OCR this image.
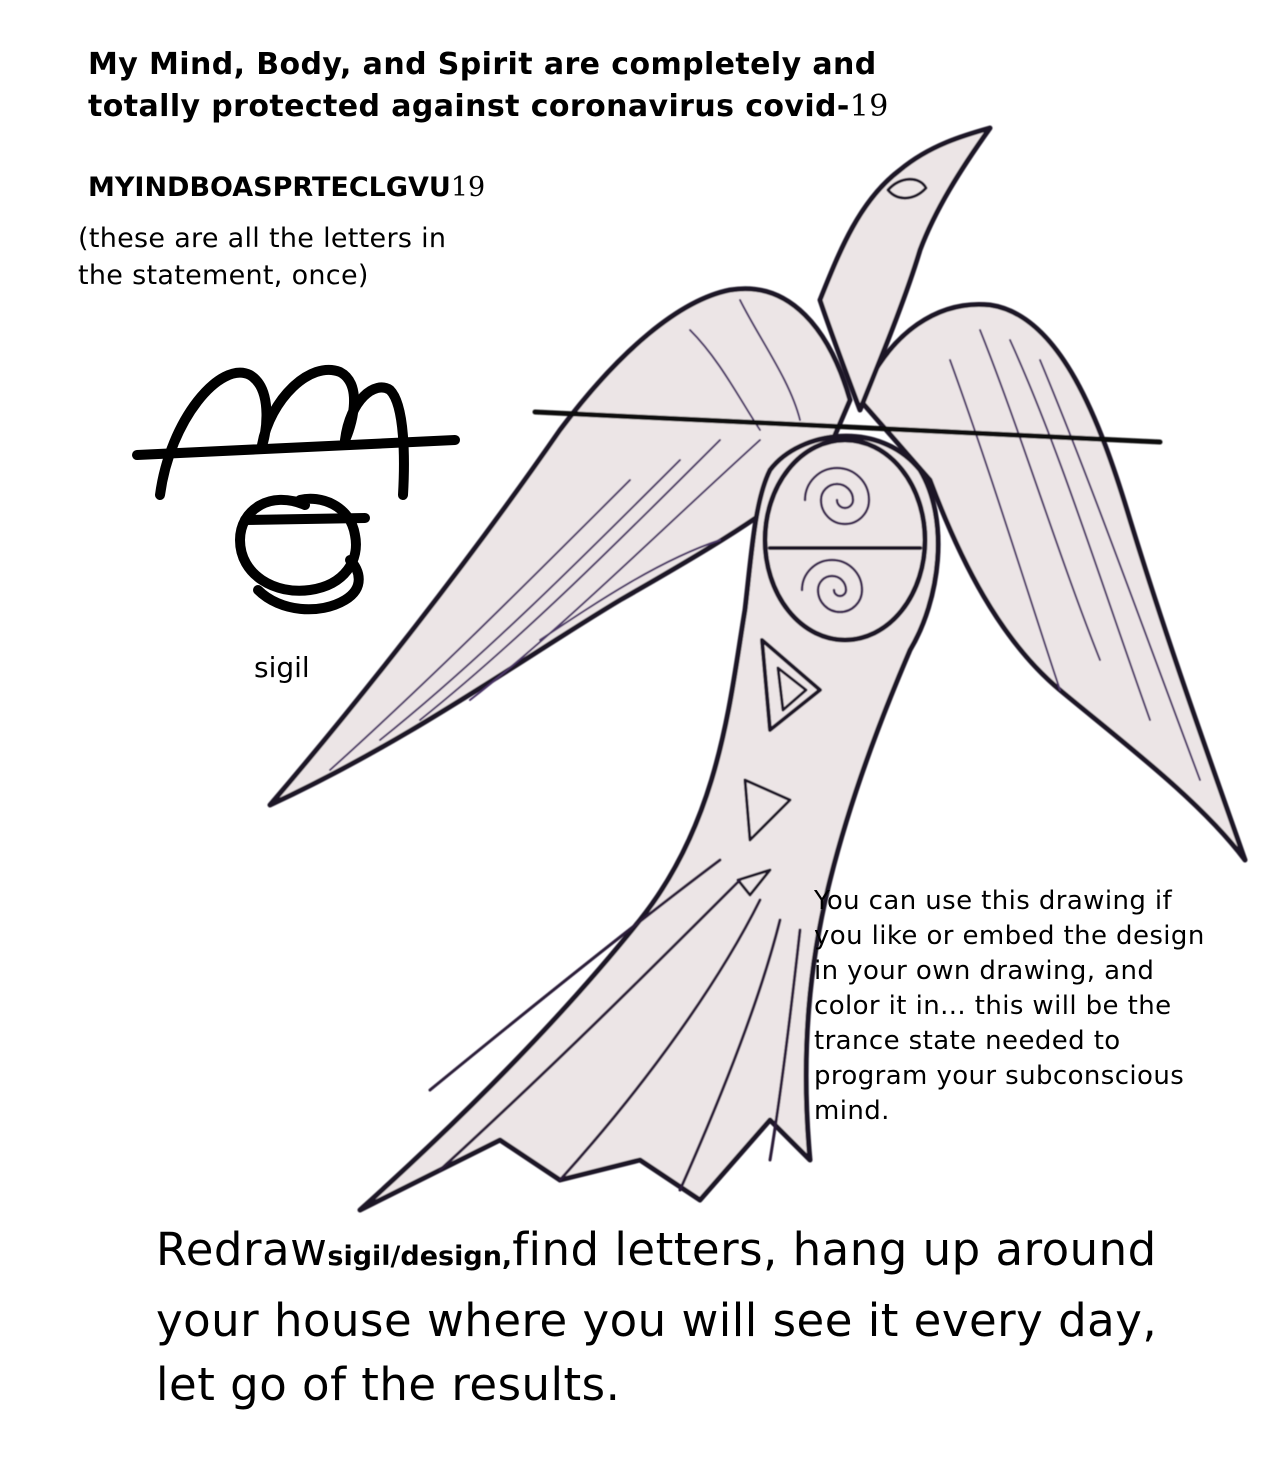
My Mind, Body, and Spirit are completely and totally protected against coronavirus covid-19
MYINDBOASPRTECLGVU19
(these are all the letters in the statement, once)
sigil
You can use this drawing if you like or embed the design in your own drawing, and color it in... this will be the trance state needed to program your subconscious mind.
Redrawsigil/design,find letters, hang up around your house where you will see it every day, let go of the results.
